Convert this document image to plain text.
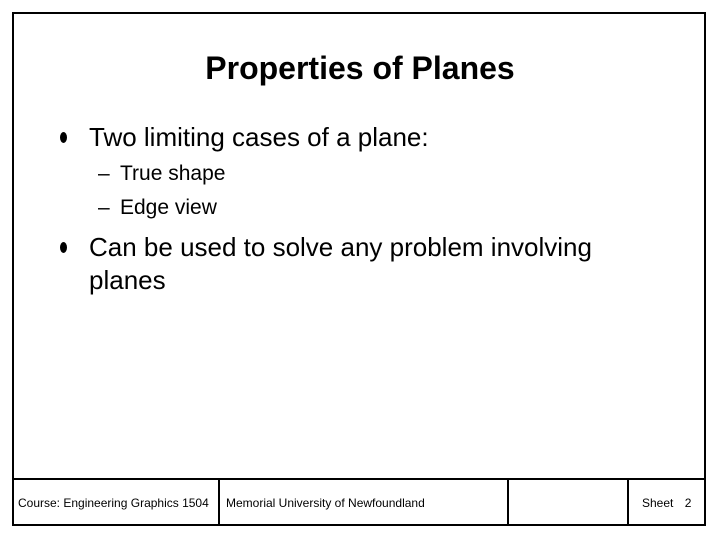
Properties of Planes
Two limiting cases of a plane:
– True shape
– Edge view
Can be used to solve any problem involving
planes
Course: Engineering Graphics 1504	Memorial University of Newfoundland	Sheet 2
